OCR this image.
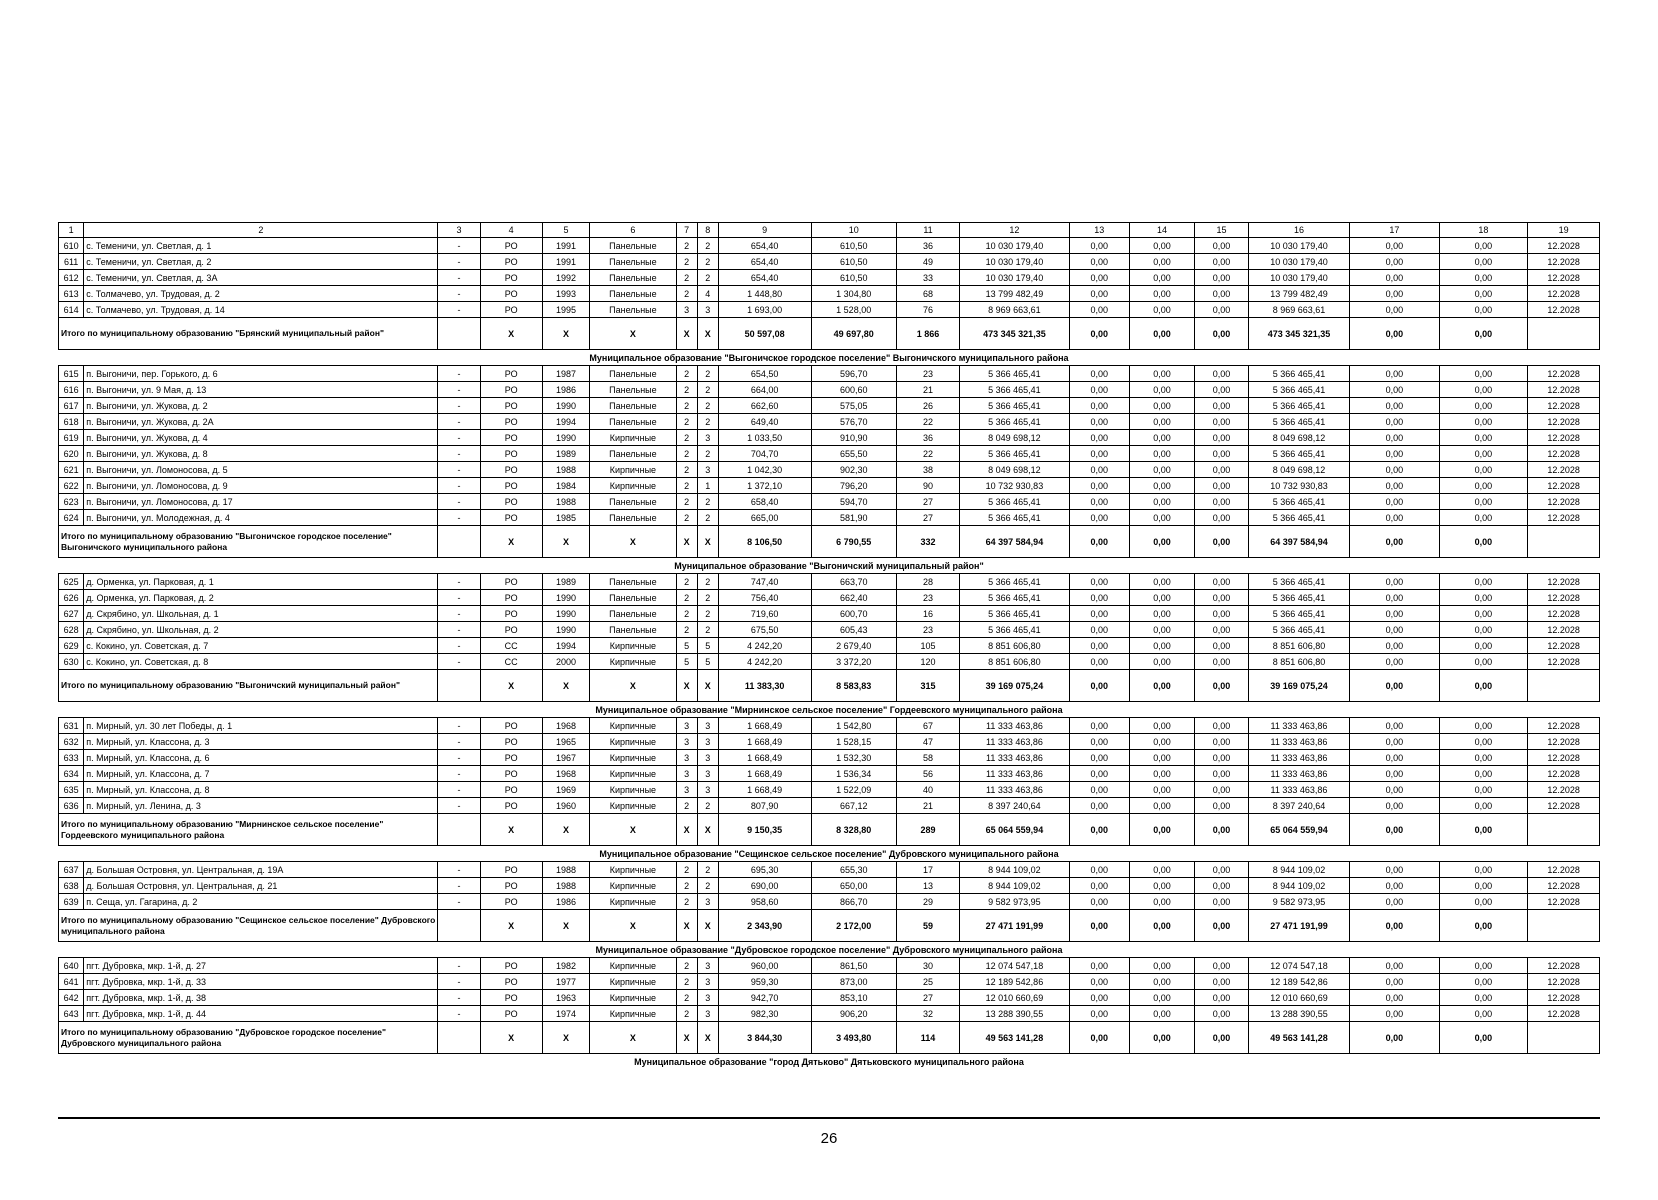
1	2	3	4	5	6	7	8	9	10	11	12	13	14	15	16	17	18	19
610	с. Теменичи, ул. Светлая, д. 1	-	РО	1991	Панельные	2	2	654,40	610,50	36	10 030 179,40	0,00	0,00	0,00	10 030 179,40	0,00	0,00	12.2028
611	с. Теменичи, ул. Светлая, д. 2	-	РО	1991	Панельные	2	2	654,40	610,50	49	10 030 179,40	0,00	0,00	0,00	10 030 179,40	0,00	0,00	12.2028
612	с. Теменичи, ул. Светлая, д. 3А	-	РО	1992	Панельные	2	2	654,40	610,50	33	10 030 179,40	0,00	0,00	0,00	10 030 179,40	0,00	0,00	12.2028
613	с. Толмачево, ул. Трудовая, д. 2	-	РО	1993	Панельные	2	4	1 448,80	1 304,80	68	13 799 482,49	0,00	0,00	0,00	13 799 482,49	0,00	0,00	12.2028
614	с. Толмачево, ул. Трудовая, д. 14	-	РО	1995	Панельные	3	3	1 693,00	1 528,00	76	8 969 663,61	0,00	0,00	0,00	8 969 663,61	0,00	0,00	12.2028
Итого по муниципальному образованию "Брянский муниципальный район"			X	X	X	X	X	50 597,08	49 697,80	1 866	473 345 321,35	0,00	0,00	0,00	473 345 321,35	0,00	0,00	
Муниципальное образование "Выгоничское городское поселение" Выгоничского муниципального района																		
615	п. Выгоничи, пер. Горького, д. 6	-	РО	1987	Панельные	2	2	654,50	596,70	23	5 366 465,41	0,00	0,00	0,00	5 366 465,41	0,00	0,00	12.2028
616	п. Выгоничи, ул. 9 Мая, д. 13	-	РО	1986	Панельные	2	2	664,00	600,60	21	5 366 465,41	0,00	0,00	0,00	5 366 465,41	0,00	0,00	12.2028
617	п. Выгоничи, ул. Жукова, д. 2	-	РО	1990	Панельные	2	2	662,60	575,05	26	5 366 465,41	0,00	0,00	0,00	5 366 465,41	0,00	0,00	12.2028
618	п. Выгоничи, ул. Жукова, д. 2А	-	РО	1994	Панельные	2	2	649,40	576,70	22	5 366 465,41	0,00	0,00	0,00	5 366 465,41	0,00	0,00	12.2028
619	п. Выгоничи, ул. Жукова, д. 4	-	РО	1990	Кирпичные	2	3	1 033,50	910,90	36	8 049 698,12	0,00	0,00	0,00	8 049 698,12	0,00	0,00	12.2028
620	п. Выгоничи, ул. Жукова, д. 8	-	РО	1989	Панельные	2	2	704,70	655,50	22	5 366 465,41	0,00	0,00	0,00	5 366 465,41	0,00	0,00	12.2028
621	п. Выгоничи, ул. Ломоносова, д. 5	-	РО	1988	Кирпичные	2	3	1 042,30	902,30	38	8 049 698,12	0,00	0,00	0,00	8 049 698,12	0,00	0,00	12.2028
622	п. Выгоничи, ул. Ломоносова, д. 9	-	РО	1984	Кирпичные	2	1	1 372,10	796,20	90	10 732 930,83	0,00	0,00	0,00	10 732 930,83	0,00	0,00	12.2028
623	п. Выгоничи, ул. Ломоносова, д. 17	-	РО	1988	Панельные	2	2	658,40	594,70	27	5 366 465,41	0,00	0,00	0,00	5 366 465,41	0,00	0,00	12.2028
624	п. Выгоничи, ул. Молодежная, д. 4	-	РО	1985	Панельные	2	2	665,00	581,90	27	5 366 465,41	0,00	0,00	0,00	5 366 465,41	0,00	0,00	12.2028
Итого по муниципальному образованию "Выгоничское городское поселение" Выгоничского муниципального района			X	X	X	X	X	8 106,50	6 790,55	332	64 397 584,94	0,00	0,00	0,00	64 397 584,94	0,00	0,00	
Муниципальное образование "Выгоничский муниципальный район"																		
625	д. Орменка, ул. Парковая, д. 1	-	РО	1989	Панельные	2	2	747,40	663,70	28	5 366 465,41	0,00	0,00	0,00	5 366 465,41	0,00	0,00	12.2028
626	д. Орменка, ул. Парковая, д. 2	-	РО	1990	Панельные	2	2	756,40	662,40	23	5 366 465,41	0,00	0,00	0,00	5 366 465,41	0,00	0,00	12.2028
627	д. Скрябино, ул. Школьная, д. 1	-	РО	1990	Панельные	2	2	719,60	600,70	16	5 366 465,41	0,00	0,00	0,00	5 366 465,41	0,00	0,00	12.2028
628	д. Скрябино, ул. Школьная, д. 2	-	РО	1990	Панельные	2	2	675,50	605,43	23	5 366 465,41	0,00	0,00	0,00	5 366 465,41	0,00	0,00	12.2028
629	с. Кокино, ул. Советская, д. 7	-	СС	1994	Кирпичные	5	5	4 242,20	2 679,40	105	8 851 606,80	0,00	0,00	0,00	8 851 606,80	0,00	0,00	12.2028
630	с. Кокино, ул. Советская, д. 8	-	СС	2000	Кирпичные	5	5	4 242,20	3 372,20	120	8 851 606,80	0,00	0,00	0,00	8 851 606,80	0,00	0,00	12.2028
Итого по муниципальному образованию "Выгоничский муниципальный район"			X	X	X	X	X	11 383,30	8 583,83	315	39 169 075,24	0,00	0,00	0,00	39 169 075,24	0,00	0,00	
Муниципальное образование "Мирнинское сельское поселение" Гордеевского муниципального района																		
631	п. Мирный, ул. 30 лет Победы, д. 1	-	РО	1968	Кирпичные	3	3	1 668,49	1 542,80	67	11 333 463,86	0,00	0,00	0,00	11 333 463,86	0,00	0,00	12.2028
632	п. Мирный, ул. Классона, д. 3	-	РО	1965	Кирпичные	3	3	1 668,49	1 528,15	47	11 333 463,86	0,00	0,00	0,00	11 333 463,86	0,00	0,00	12.2028
633	п. Мирный, ул. Классона, д. 6	-	РО	1967	Кирпичные	3	3	1 668,49	1 532,30	58	11 333 463,86	0,00	0,00	0,00	11 333 463,86	0,00	0,00	12.2028
634	п. Мирный, ул. Классона, д. 7	-	РО	1968	Кирпичные	3	3	1 668,49	1 536,34	56	11 333 463,86	0,00	0,00	0,00	11 333 463,86	0,00	0,00	12.2028
635	п. Мирный, ул. Классона, д. 8	-	РО	1969	Кирпичные	3	3	1 668,49	1 522,09	40	11 333 463,86	0,00	0,00	0,00	11 333 463,86	0,00	0,00	12.2028
636	п. Мирный, ул. Ленина, д. 3	-	РО	1960	Кирпичные	2	2	807,90	667,12	21	8 397 240,64	0,00	0,00	0,00	8 397 240,64	0,00	0,00	12.2028
Итого по муниципальному образованию "Мирнинское сельское поселение" Гордеевского муниципального района			X	X	X	X	X	9 150,35	8 328,80	289	65 064 559,94	0,00	0,00	0,00	65 064 559,94	0,00	0,00	
Муниципальное образование "Сещинское сельское поселение" Дубровского муниципального района																		
637	д. Большая Островня, ул. Центральная, д. 19А	-	РО	1988	Кирпичные	2	2	695,30	655,30	17	8 944 109,02	0,00	0,00	0,00	8 944 109,02	0,00	0,00	12.2028
638	д. Большая Островня, ул. Центральная, д. 21	-	РО	1988	Кирпичные	2	2	690,00	650,00	13	8 944 109,02	0,00	0,00	0,00	8 944 109,02	0,00	0,00	12.2028
639	п. Сеща, ул. Гагарина, д. 2	-	РО	1986	Кирпичные	2	3	958,60	866,70	29	9 582 973,95	0,00	0,00	0,00	9 582 973,95	0,00	0,00	12.2028
Итого по муниципальному образованию "Сещинское сельское поселение" Дубровского муниципального района			X	X	X	X	X	2 343,90	2 172,00	59	27 471 191,99	0,00	0,00	0,00	27 471 191,99	0,00	0,00	
Муниципальное образование "Дубровское городское поселение" Дубровского муниципального района																		
640	пгт. Дубровка, мкр. 1-й, д. 27	-	РО	1982	Кирпичные	2	3	960,00	861,50	30	12 074 547,18	0,00	0,00	0,00	12 074 547,18	0,00	0,00	12.2028
641	пгт. Дубровка, мкр. 1-й, д. 33	-	РО	1977	Кирпичные	2	3	959,30	873,00	25	12 189 542,86	0,00	0,00	0,00	12 189 542,86	0,00	0,00	12.2028
642	пгт. Дубровка, мкр. 1-й, д. 38	-	РО	1963	Кирпичные	2	3	942,70	853,10	27	12 010 660,69	0,00	0,00	0,00	12 010 660,69	0,00	0,00	12.2028
643	пгт. Дубровка, мкр. 1-й, д. 44	-	РО	1974	Кирпичные	2	3	982,30	906,20	32	13 288 390,55	0,00	0,00	0,00	13 288 390,55	0,00	0,00	12.2028
Итого по муниципальному образованию "Дубровское городское поселение" Дубровского муниципального района			X	X	X	X	X	3 844,30	3 493,80	114	49 563 141,28	0,00	0,00	0,00	49 563 141,28	0,00	0,00	
Муниципальное образование "город Дятьково" Дятьковского муниципального района																		
26
